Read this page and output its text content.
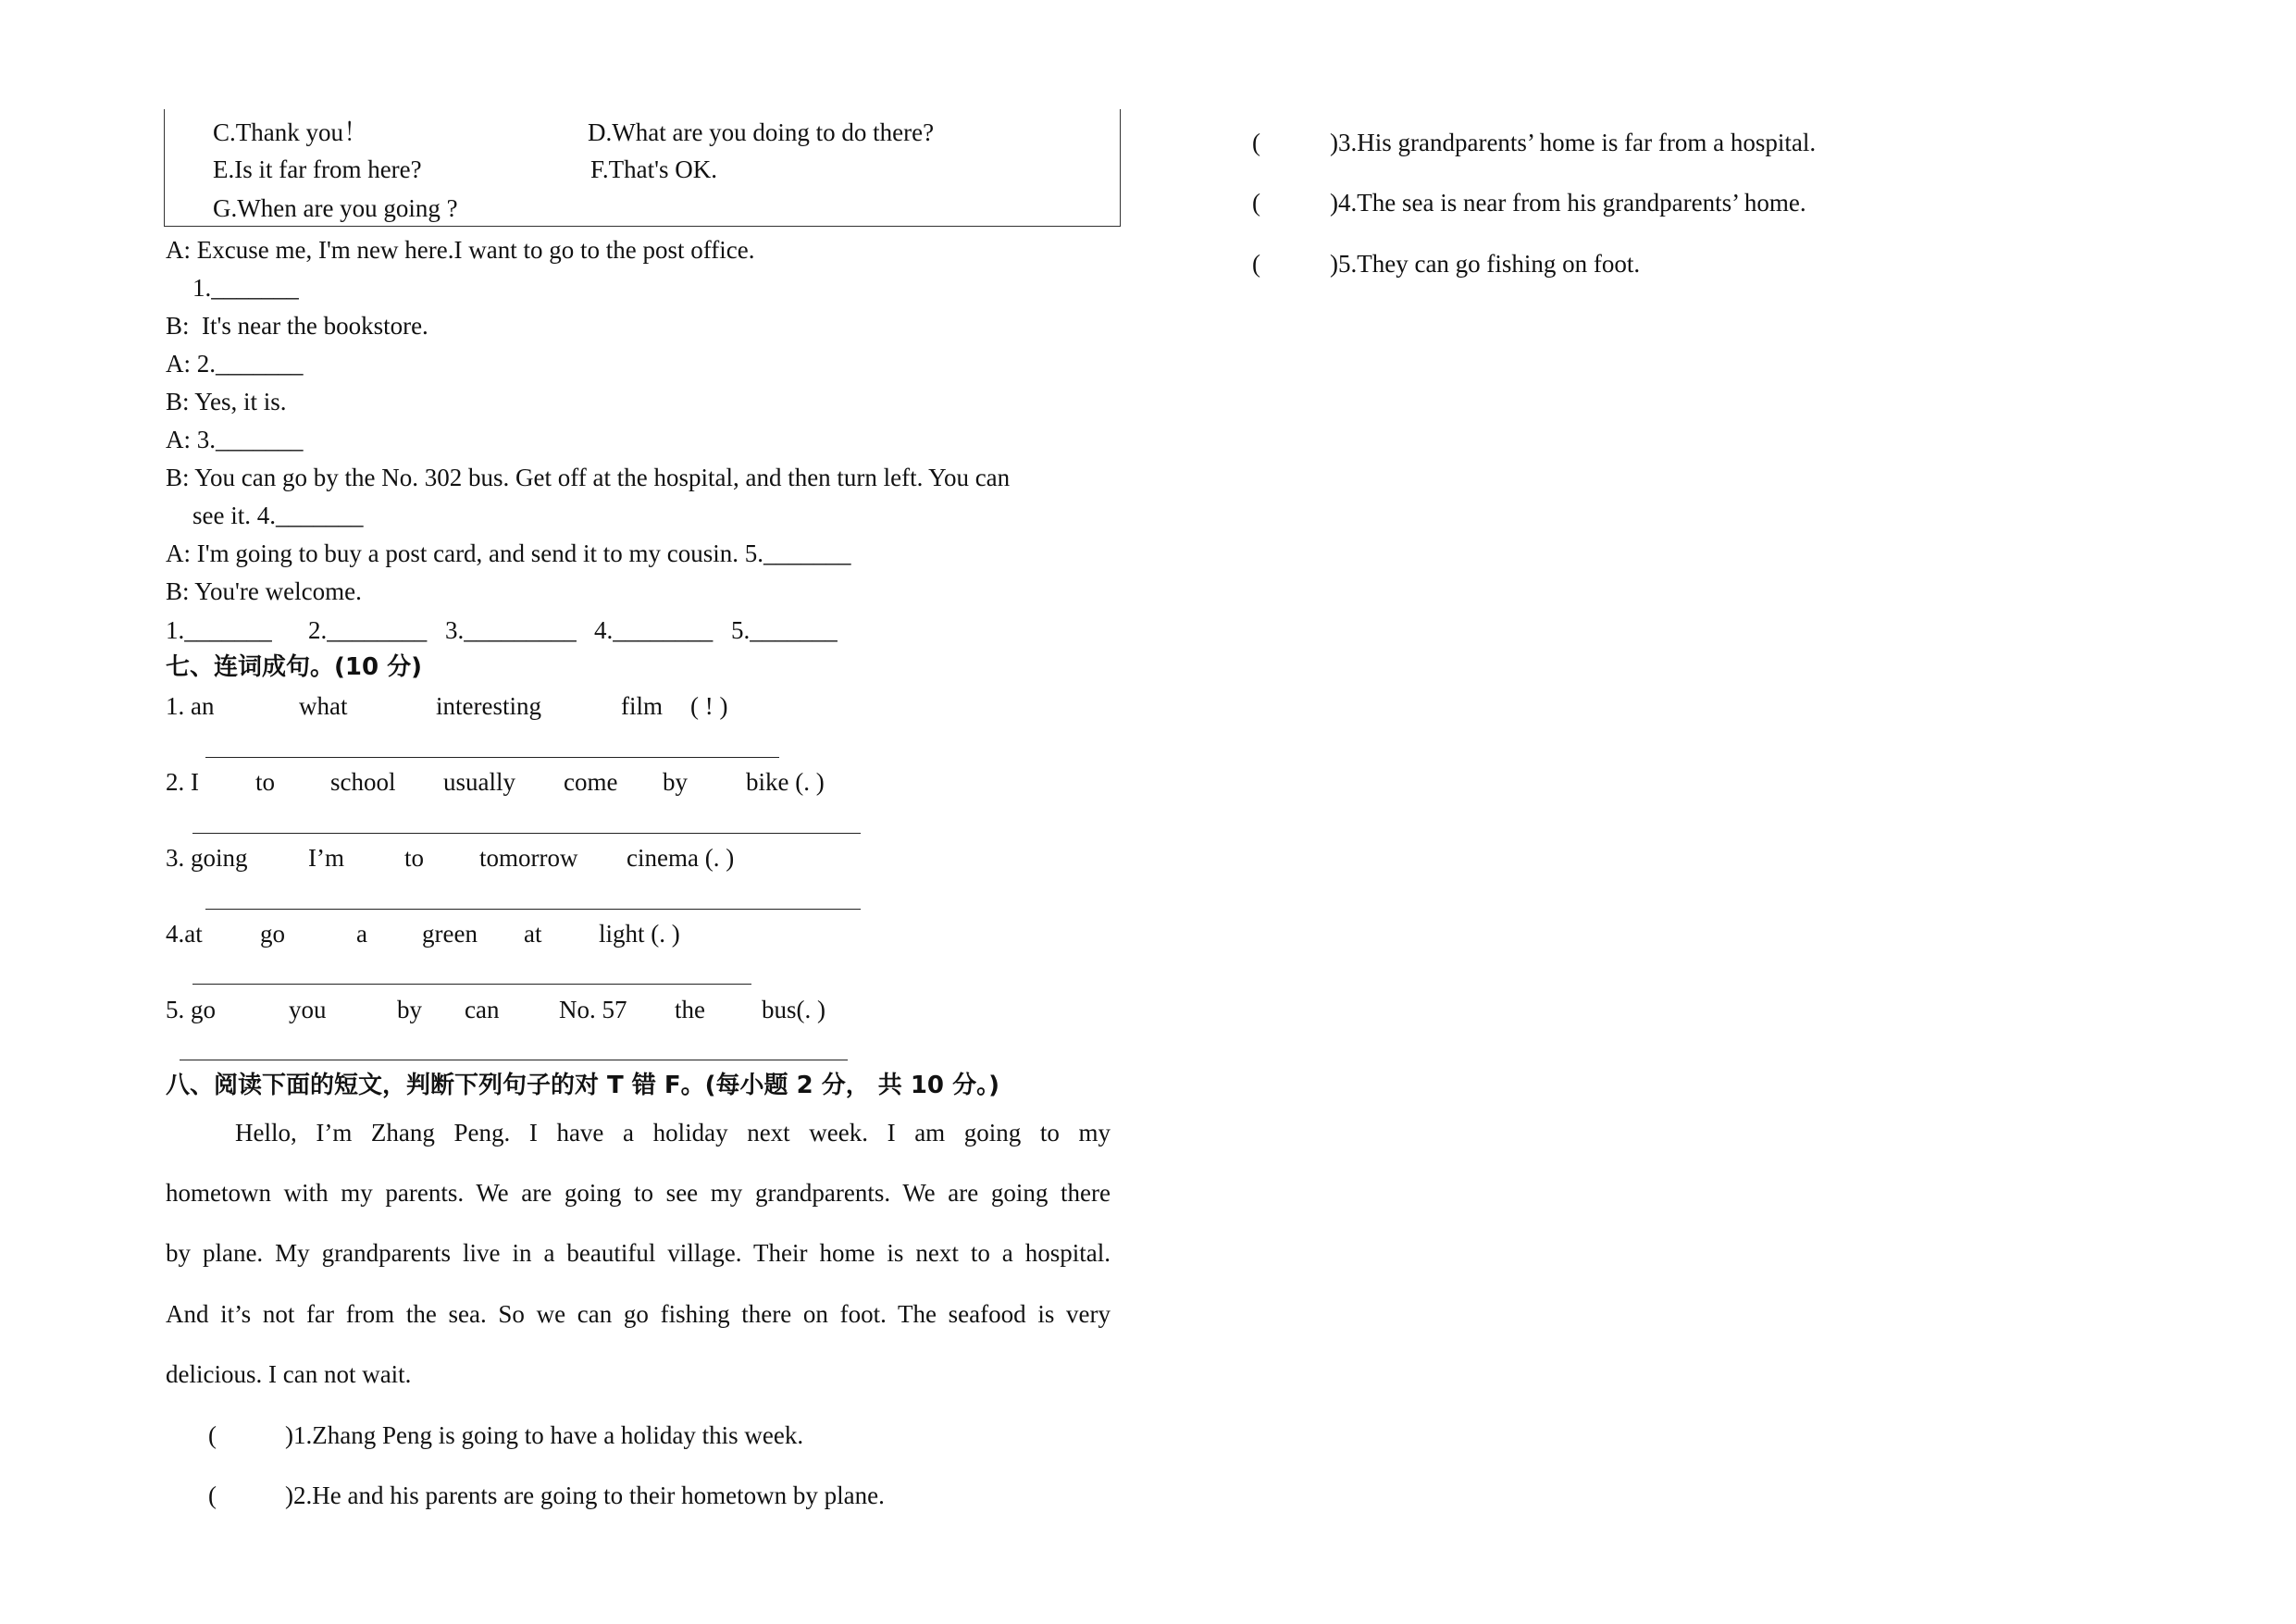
C.Thank you！	D.What are you doing to do there?
E.Is it far from here?	F.That's OK.
G.When are you going ?
A: Excuse me, I'm new here.I want to go to the post office.
1._______
B:  It's near the bookstore.
A: 2._______
B: Yes, it is.
A: 3._______
B: You can go by the No. 302 bus. Get off at the hospital, and then turn left. You can
see it. 4._______
A: I'm going to buy a post card, and send it to my cousin. 5._______
B: You're welcome.
1._______ 2.________ 3._________ 4.________ 5._______
七、连词成句。(10 分)
1. an	what	interesting	film ( ! )
2. I to school usually come by bike (. )
3. going I’m to tomorrow cinema (. )
4.at go	a green at light (. )
5. go	you	by can No. 57 the bus(. )
八、阅读下面的短文，判断下列句子的对 T 错 F。(每小题 2 分， 共 10 分。)
Hello, I’m Zhang Peng. I have a holiday next week. I am going to my
hometown with my parents. We are going to see my grandparents. We are going there
by plane. My grandparents live in a beautiful village. Their home is next to a hospital.
And it’s not far from the sea. So we can go fishing there on foot. The seafood is very
delicious. I can not wait.
(	)1.Zhang Peng is going to have a holiday this week.
(	)2.He and his parents are going to their hometown by plane.
(	)3.His grandparents’ home is far from a hospital.
(	)4.The sea is near from his grandparents’ home.
(	)5.They can go fishing on foot.
